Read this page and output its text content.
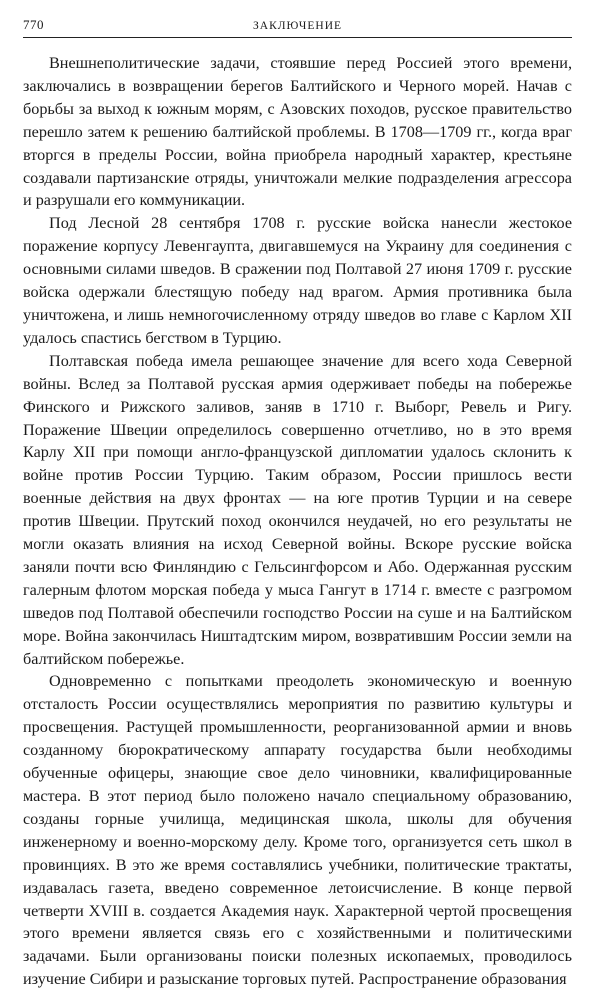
770	ЗАКЛЮЧЕНИЕ

Внешнеполитические задачи, стоявшие перед Россией этого времени, заключались в возвращении берегов Балтийского и Черного морей. Начав с борьбы за выход к южным морям, с Азовских походов, русское правительство перешло затем к решению балтийской проблемы. В 1708—1709 гг., когда враг вторгся в пределы России, война приобрела народный характер, крестьяне создавали партизанские отряды, уничтожали мелкие подразделения агрессора и разрушали его коммуникации.

Под Лесной 28 сентября 1708 г. русские войска нанесли жестокое поражение корпусу Левенгаупта, двигавшемуся на Украину для соединения с основными силами шведов. В сражении под Полтавой 27 июня 1709 г. русские войска одержали блестящую победу над врагом. Армия противника была уничтожена, и лишь немногочисленному отряду шведов во главе с Карлом XII удалось спастись бегством в Турцию.

Полтавская победа имела решающее значение для всего хода Северной войны. Вслед за Полтавой русская армия одерживает победы на побережье Финского и Рижского заливов, заняв в 1710 г. Выборг, Ревель и Ригу. Поражение Швеции определилось совершенно отчетливо, но в это время Карлу XII при помощи англо-французской дипломатии удалось склонить к войне против России Турцию. Таким образом, России пришлось вести военные действия на двух фронтах — на юге против Турции и на севере против Швеции. Прутский поход окончился неудачей, но его результаты не могли оказать влияния на исход Северной войны. Вскоре русские войска заняли почти всю Финляндию с Гельсингфорсом и Або. Одержанная русским галерным флотом морская победа у мыса Гангут в 1714 г. вместе с разгромом шведов под Полтавой обеспечили господство России на суше и на Балтийском море. Война закончилась Ништадтским миром, возвратившим России земли на балтийском побережье.

Одновременно с попытками преодолеть экономическую и военную отсталость России осуществлялись мероприятия по развитию культуры и просвещения. Растущей промышленности, реорганизованной армии и вновь созданному бюрократическому аппарату государства были необходимы обученные офицеры, знающие свое дело чиновники, квалифицированные мастера. В этот период было положено начало специальному образованию, созданы горные училища, медицинская школа, школы для обучения инженерному и военно-морскому делу. Кроме того, организуется сеть школ в провинциях. В это же время составлялись учебники, политические трактаты, издавалась газета, введено современное летоисчисление. В конце первой четверти XVIII в. создается Академия наук. Характерной чертой просвещения этого времени является связь его с хозяйственными и политическими задачами. Были организованы поиски полезных ископаемых, проводилось изучение Сибири и разыскание торговых путей. Распространение образования
